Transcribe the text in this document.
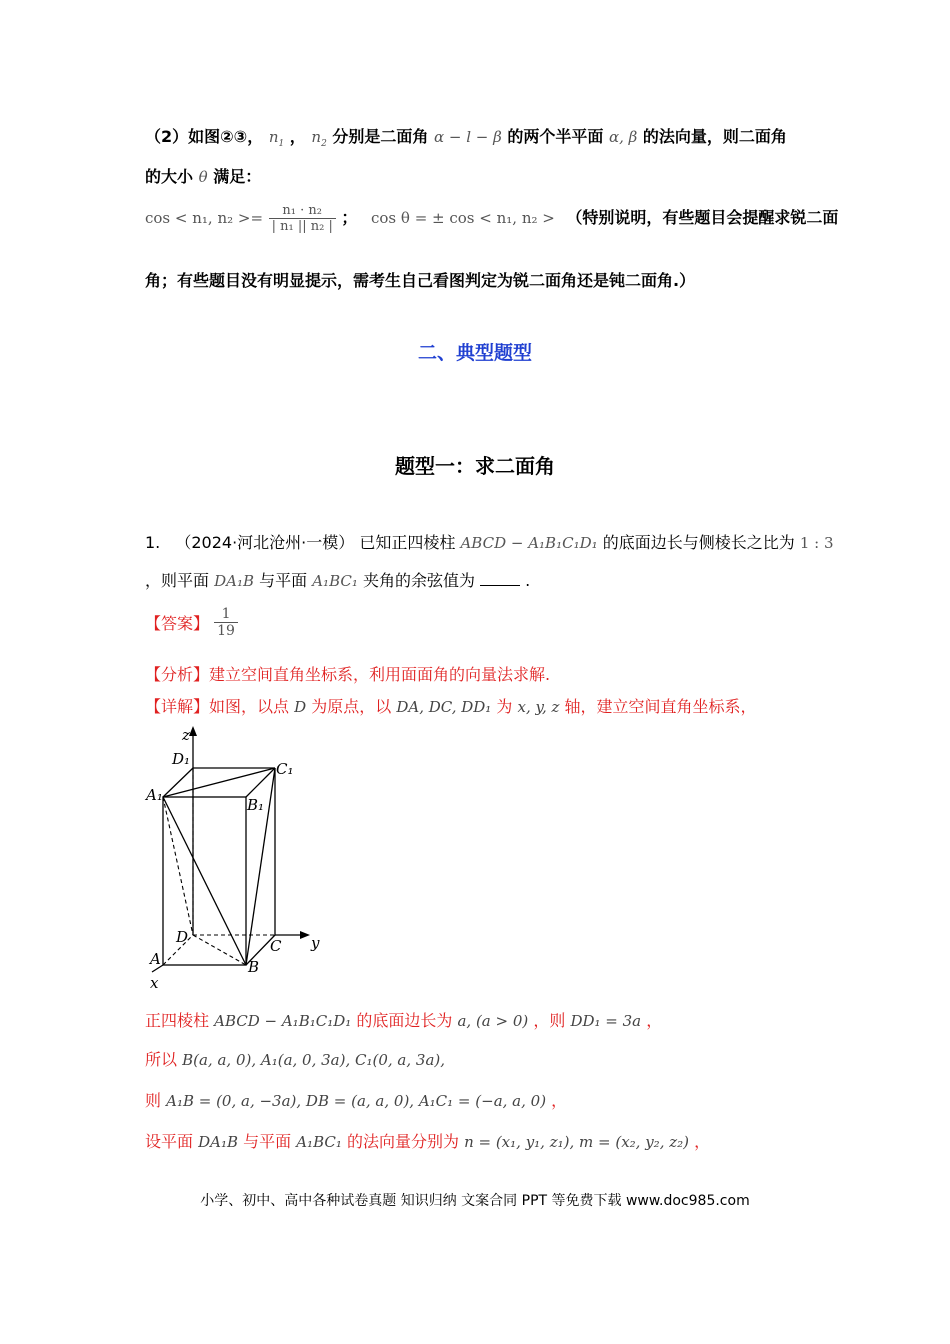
（2）如图②③， $n_1$ ， $n_2$ 分别是二面角 α − l − β 的两个半平面 α, β 的法向量，则二面角
的大小 θ 满足：
cos < n₁, $n_2 >= \frac{\text{n₁ · n₂}}{\text{| n₁ || n₂ |}}$ ； cos θ = ± cos < n₁, n₂ > （特别说明，有些题目会提醒求锐二面
角；有些题目没有明显提示，需考生自己看图判定为锐二面角还是钝二面角.）
二、典型题型
题型一：求二面角
1. （2024·河北沧州·一模） 已知正四棱柱 ABCD − A₁B₁C₁D₁ 的底面边长与侧棱长之比为 1 : 3
，则平面 DA₁B 与平面 A₁BC₁ 夹角的余弦值为	.
【答案】 $\frac{1}{19}$
【分析】建立空间直角坐标系，利用面面角的向量法求解.
【详解】如图，以点 D 为原点，以 DA, DC, DD₁ 为 x, y, z 轴，建立空间直角坐标系，
z
y
x
D₁
C₁
A₁
B₁
D	C
A	B
正四棱柱 ABCD − A₁B₁C₁D₁ 的底面边长为 a, (a > 0) ，则 DD₁ = 3a ，
所以 B(a, a, 0), A₁(a, 0, 3a), C₁(0, a, 3a),
则 A₁B = (0, a, −3a), DB = (a, a, 0), A₁C₁ = (−a, a, 0) ，
设平面 DA₁B 与平面 A₁BC₁ 的法向量分别为 n = (x₁, y₁, z₁), m = (x₂, y₂, z₂) ，
小学、初中、高中各种试卷真题 知识归纳 文案合同 PPT 等免费下载 www.doc985.com
